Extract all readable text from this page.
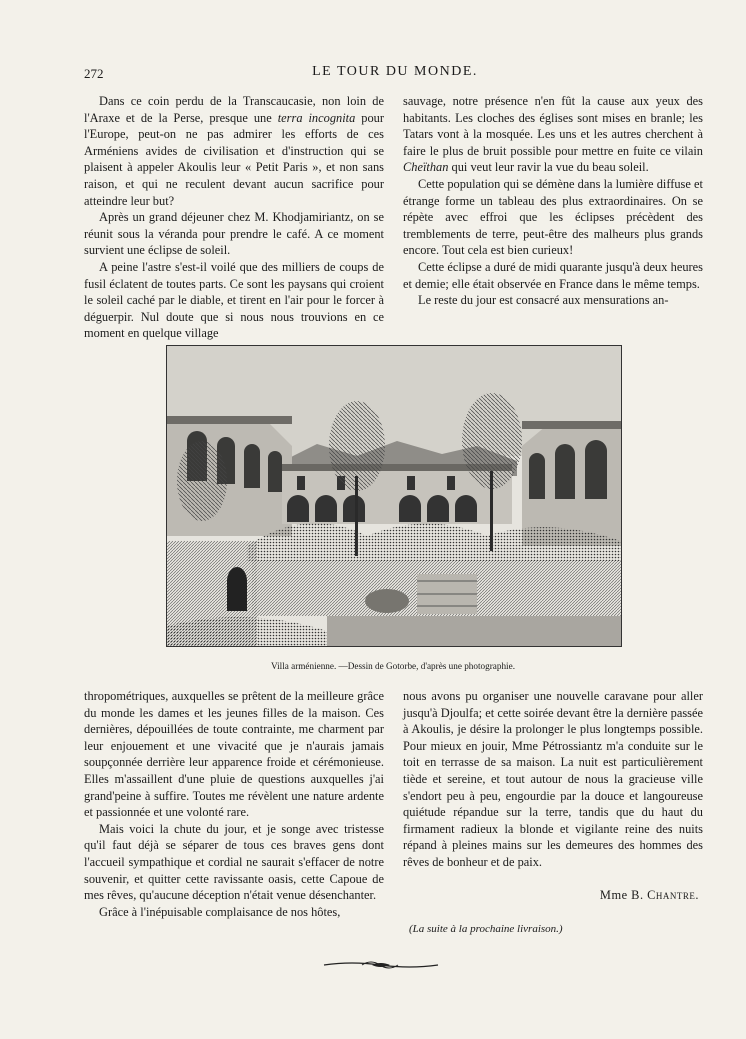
272	LE TOUR DU MONDE.

Dans ce coin perdu de la Transcaucasie, non loin de l'Araxe et de la Perse, presque une terra incognita pour l'Europe, peut-on ne pas admirer les efforts de ces Arméniens avides de civilisation et d'instruction qui se plaisent à appeler Akoulis leur « Petit Paris », et non sans raison, et qui ne reculent devant aucun sacrifice pour atteindre leur but?

Après un grand déjeuner chez M. Khodjamiriantz, on se réunit sous la véranda pour prendre le café. A ce moment survient une éclipse de soleil.

A peine l'astre s'est-il voilé que des milliers de coups de fusil éclatent de toutes parts. Ce sont les paysans qui croient le soleil caché par le diable, et tirent en l'air pour le forcer à déguerpir. Nul doute que si nous nous trouvions en ce moment en quelque village

sauvage, notre présence n'en fût la cause aux yeux des habitants. Les cloches des églises sont mises en branle; les Tatars vont à la mosquée. Les uns et les autres cherchent à faire le plus de bruit possible pour mettre en fuite ce vilain Cheïthan qui veut leur ravir la vue du beau soleil.

Cette population qui se démène dans la lumière diffuse et étrange forme un tableau des plus extraordinaires. On se répète avec effroi que les éclipses précèdent des tremblements de terre, peut-être des malheurs plus grands encore. Tout cela est bien curieux!

Cette éclipse a duré de midi quarante jusqu'à deux heures et demie; elle était observée en France dans le même temps.

Le reste du jour est consacré aux mensurations an-

Villa arménienne. —Dessin de Gotorbe, d'après une photographie.

thropométriques, auxquelles se prêtent de la meilleure grâce du monde les dames et les jeunes filles de la maison. Ces dernières, dépouillées de toute contrainte, me charment par leur enjouement et une vivacité que je n'aurais jamais soupçonnée derrière leur apparence froide et cérémonieuse. Elles m'assaillent d'une pluie de questions auxquelles j'ai grand'peine à suffire. Toutes me révèlent une nature ardente et passionnée et une volonté rare.

Mais voici la chute du jour, et je songe avec tristesse qu'il faut déjà se séparer de tous ces braves gens dont l'accueil sympathique et cordial ne saurait s'effacer de notre souvenir, et quitter cette ravissante oasis, cette Capoue de mes rêves, qu'aucune déception n'était venue désenchanter.

Grâce à l'inépuisable complaisance de nos hôtes,

nous avons pu organiser une nouvelle caravane pour aller jusqu'à Djoulfa; et cette soirée devant être la dernière passée à Akoulis, je désire la prolonger le plus longtemps possible. Pour mieux en jouir, Mme Pétrossiantz m'a conduite sur le toit en terrasse de sa maison. La nuit est particulièrement tiède et sereine, et tout autour de nous la gracieuse ville s'endort peu à peu, engourdie par la douce et langoureuse quiétude répandue sur la terre, tandis que du haut du firmament radieux la blonde et vigilante reine des nuits répand à pleines mains sur les demeures des hommes des rêves de bonheur et de paix.

Mme B. Chantre.
(La suite à la prochaine livraison.)
